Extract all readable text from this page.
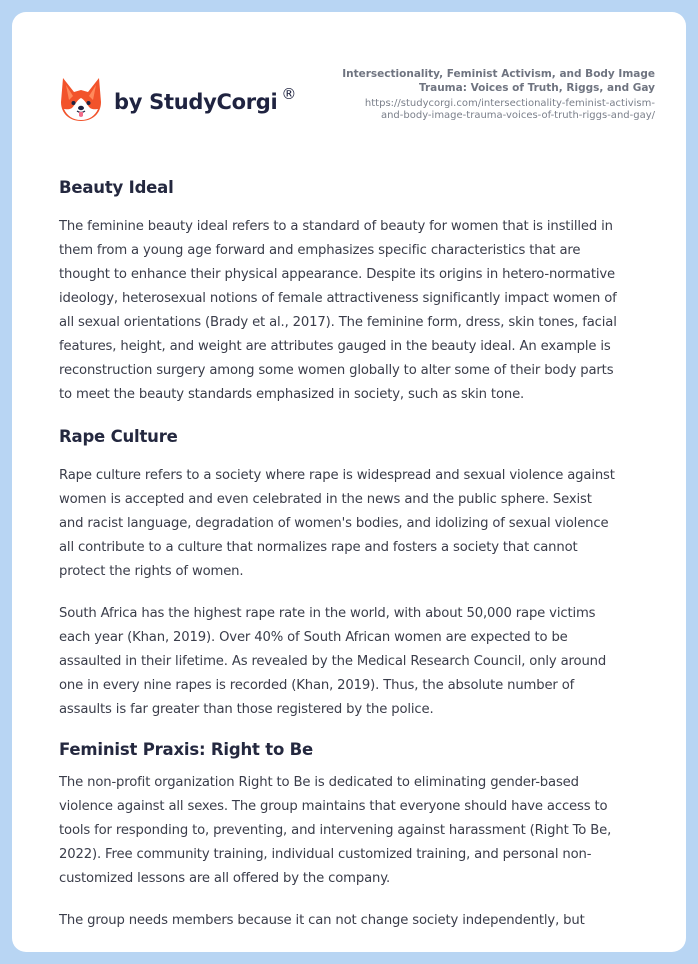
by StudyCorgi ®
Intersectionality, Feminist Activism, and Body Image
Trauma: Voices of Truth, Riggs, and Gay
https://studycorgi.com/intersectionality-feminist-activism-
and-body-image-trauma-voices-of-truth-riggs-and-gay/
Beauty Ideal

The feminine beauty ideal refers to a standard of beauty for women that is instilled in
them from a young age forward and emphasizes specific characteristics that are
thought to enhance their physical appearance. Despite its origins in hetero-normative
ideology, heterosexual notions of female attractiveness significantly impact women of
all sexual orientations (Brady et al., 2017). The feminine form, dress, skin tones, facial
features, height, and weight are attributes gauged in the beauty ideal. An example is
reconstruction surgery among some women globally to alter some of their body parts
to meet the beauty standards emphasized in society, such as skin tone.

Rape Culture

Rape culture refers to a society where rape is widespread and sexual violence against
women is accepted and even celebrated in the news and the public sphere. Sexist
and racist language, degradation of women's bodies, and idolizing of sexual violence
all contribute to a culture that normalizes rape and fosters a society that cannot
protect the rights of women.

South Africa has the highest rape rate in the world, with about 50,000 rape victims
each year (Khan, 2019). Over 40% of South African women are expected to be
assaulted in their lifetime. As revealed by the Medical Research Council, only around
one in every nine rapes is recorded (Khan, 2019). Thus, the absolute number of
assaults is far greater than those registered by the police.

Feminist Praxis: Right to Be

The non-profit organization Right to Be is dedicated to eliminating gender-based
violence against all sexes. The group maintains that everyone should have access to
tools for responding to, preventing, and intervening against harassment (Right To Be,
2022). Free community training, individual customized training, and personal non-
customized lessons are all offered by the company.

The group needs members because it can not change society independently, but
